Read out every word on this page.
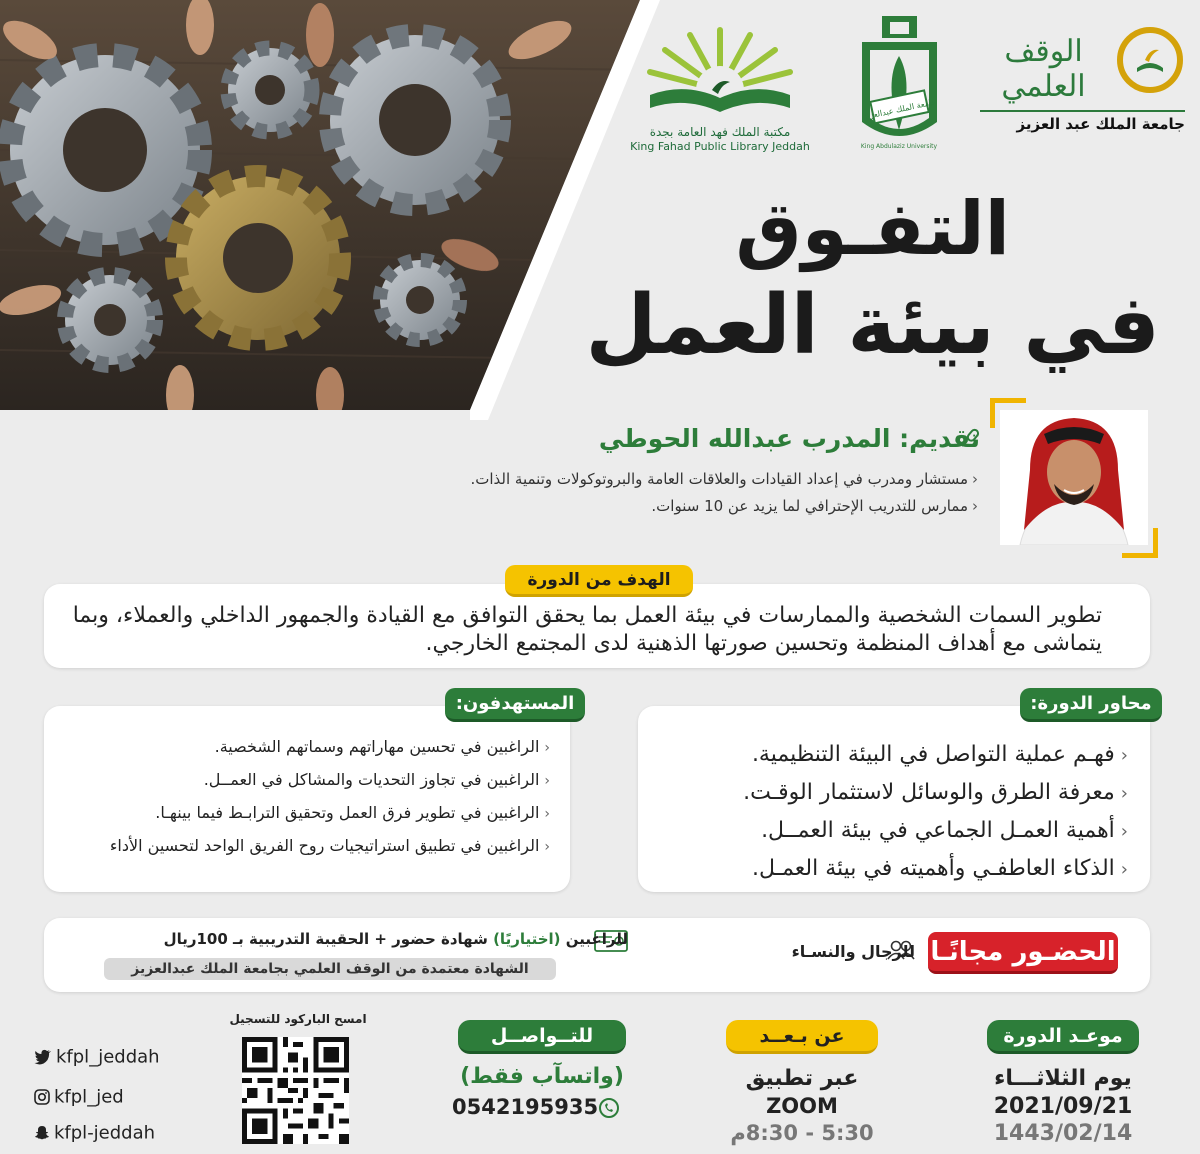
مكتبة الملك فهد العامة بجدة
King Fahad Public Library Jeddah
جامعة الملك عبدالعزيز
King Abdulaziz University
الوقف العلمي
جامعة الملك عبد العزيز
التفـوق
في بيئة العمل
تقديم: المدرب عبدالله الحوطي
‹مستشار ومدرب في إعداد القيادات والعلاقات العامة والبروتوكولات وتنمية الذات.
‹ممارس للتدريب الإحترافي لما يزيد عن 10 سنوات.
تطوير السمات الشخصية والممارسات في بيئة العمل بما يحقق التوافق مع القيادة والجمهور الداخلي والعملاء، وبما يتماشى مع أهداف المنظمة وتحسين صورتها الذهنية لدى المجتمع الخارجي.
الهدف من الدورة
‹فهـم عملية التواصل في البيئة التنظيمية.
‹معرفة الطرق والوسائل لاستثمار الوقـت.
‹أهمية العمـل الجماعي في بيئة العمــل.
‹الذكاء العاطفـي وأهميته في بيئة العمـل.
محاور الدورة:
‹الراغبين في تحسين مهاراتهم وسماتهم الشخصية.
‹الراغبين في تجاوز التحديات والمشاكل في العمــل.
‹الراغبين في تطوير فرق العمل وتحقيق الترابـط فيما بينهـا.
‹الراغبين في تطبيق استراتيجيات روح الفريق الواحد لتحسين الأداء
المستهدفون:
الحضـور مجانًـا
للرجال والنسـاء
للراغبين (اختياريًا) شهادة حضور + الحقيبة التدريبية بـ 100ريال
الشهادة معتمدة من الوقف العلمي بجامعة الملك عبدالعزيز
موعـد الدورة
يوم الثلاثـــاء
2021/09/21
1443/02/14
عن بـعــد
عبر تطبيق
ZOOM
5:30 - 8:30م
للتــواصــل
(واتسآب فقط)
0542195935
امسح الباركود للتسجيل
kfpl_jeddah
kfpl_jed
kfpl-jeddah
